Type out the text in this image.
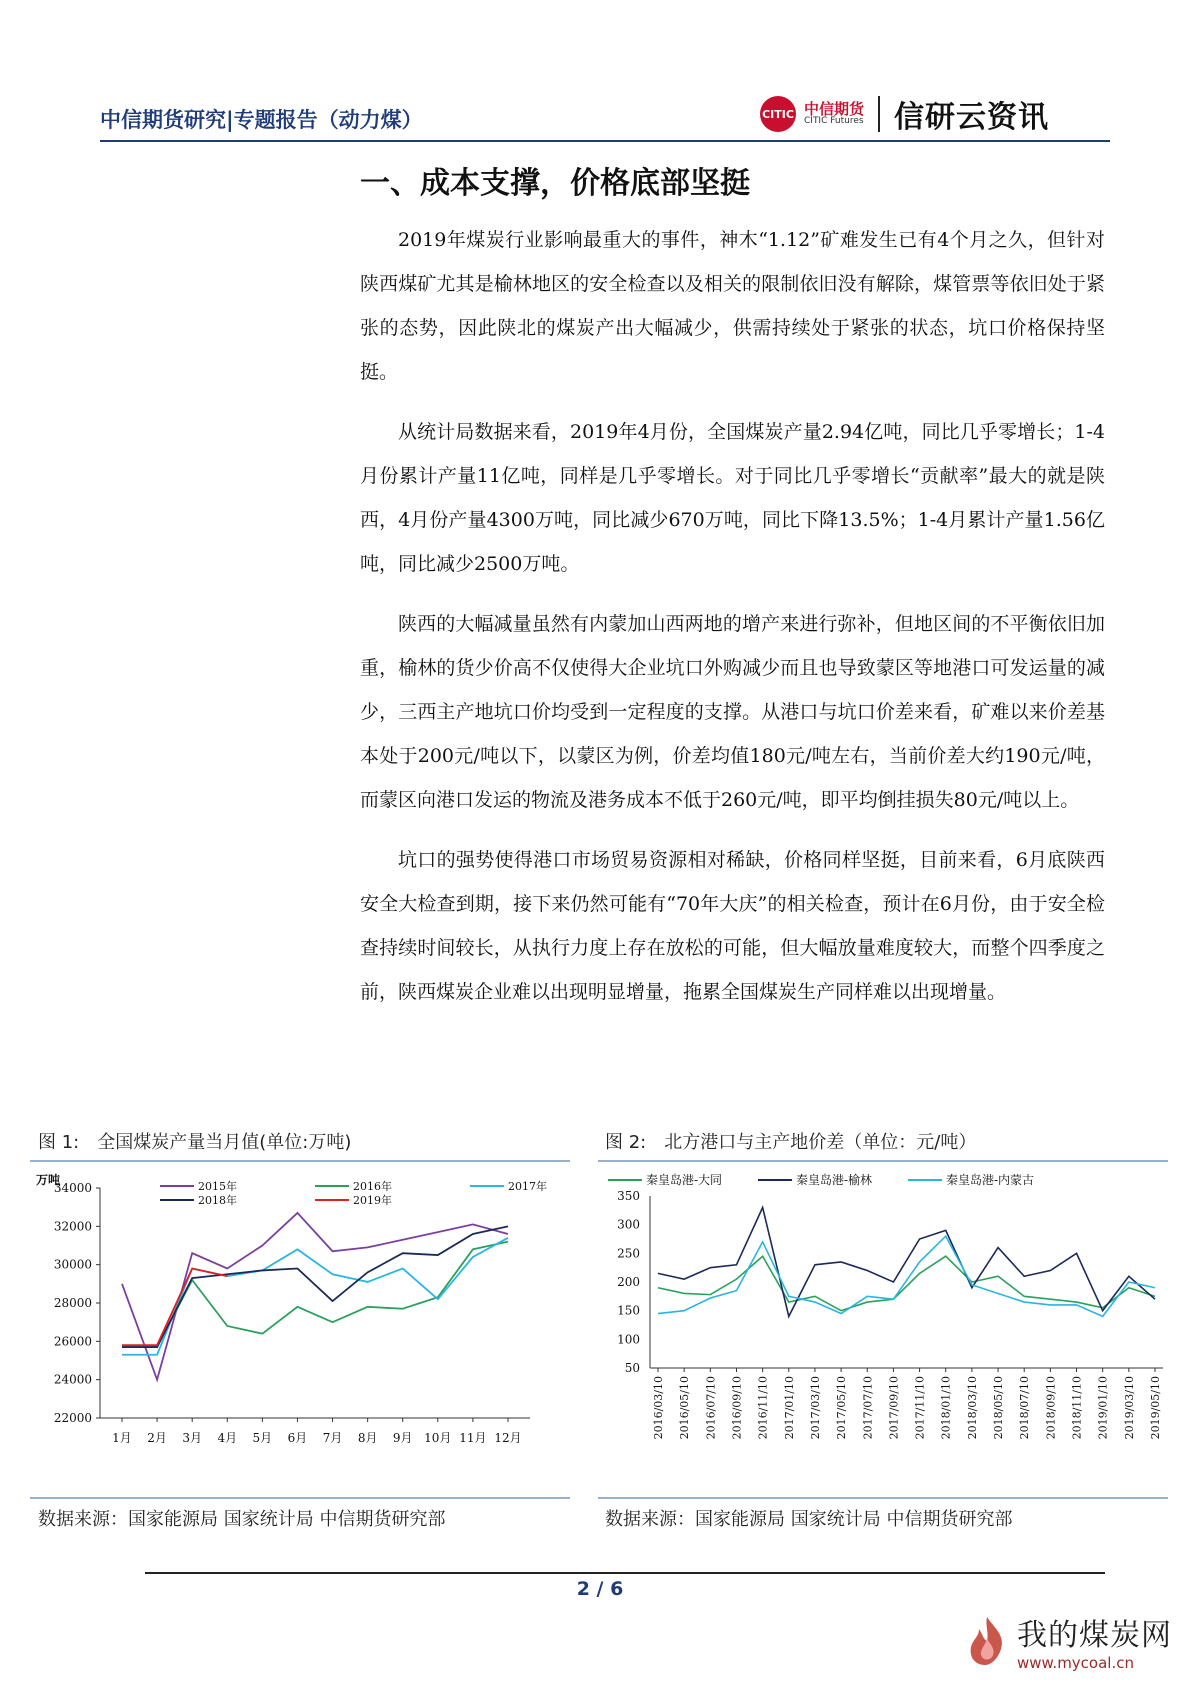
中信期货研究|专题报告（动力煤）	CITIC 中信期货
CITIC Futures 信研云资讯
一、成本支撑，价格底部坚挺

2019年煤炭行业影响最重大的事件，神木“1.12”矿难发生已有4个月之久，但针对陕西煤矿尤其是榆林地区的安全检查以及相关的限制依旧没有解除，煤管票等依旧处于紧张的态势，因此陕北的煤炭产出大幅减少，供需持续处于紧张的状态，坑口价格保持坚挺。

从统计局数据来看，2019年4月份，全国煤炭产量2.94亿吨，同比几乎零增长；1-4月份累计产量11亿吨，同样是几乎零增长。对于同比几乎零增长“贡献率”最大的就是陕西，4月份产量4300万吨，同比减少670万吨，同比下降13.5%；1-4月累计产量1.56亿吨，同比减少2500万吨。

陕西的大幅减量虽然有内蒙加山西两地的增产来进行弥补，但地区间的不平衡依旧加重，榆林的货少价高不仅使得大企业坑口外购减少而且也导致蒙区等地港口可发运量的减少，三西主产地坑口价均受到一定程度的支撑。从港口与坑口价差来看，矿难以来价差基本处于200元/吨以下，以蒙区为例，价差均值180元/吨左右，当前价差大约190元/吨，而蒙区向港口发运的物流及港务成本不低于260元/吨，即平均倒挂损失80元/吨以上。

坑口的强势使得港口市场贸易资源相对稀缺，价格同样坚挺，目前来看，6月底陕西安全大检查到期，接下来仍然可能有“70年大庆”的相关检查，预计在6月份，由于安全检查持续时间较长，从执行力度上存在放松的可能，但大幅放量难度较大，而整个四季度之前，陕西煤炭企业难以出现明显增量，拖累全国煤炭生产同样难以出现增量。

图 1: 全国煤炭产量当月值(单位:万吨)
万吨
22000
24000
26000
28000
30000
32000
34000
1月 2月 3月 4月 5月 6月 7月 8月 9月 10月 11月 12月
2015年	2016年	2017年
2018年	2019年
数据来源：国家能源局 国家统计局 中信期货研究部
图 2: 北方港口与主产地价差（单位：元/吨）
50
100
150
200
250
300
350
2016/03/10 2016/05/10 2016/07/10 2016/09/10 2016/11/10 2017/01/10 2017/03/10 2017/05/10 2017/07/10 2017/09/10 2017/11/10 2018/01/10 2018/03/10 2018/05/10 2018/07/10 2018/09/10 2018/11/10 2019/01/10 2019/03/10 2019/05/10
秦皇岛港-大同	秦皇岛港-榆林	秦皇岛港-内蒙古
数据来源：国家能源局 国家统计局 中信期货研究部
2 / 6
我的煤炭网
www.mycoal.cn
